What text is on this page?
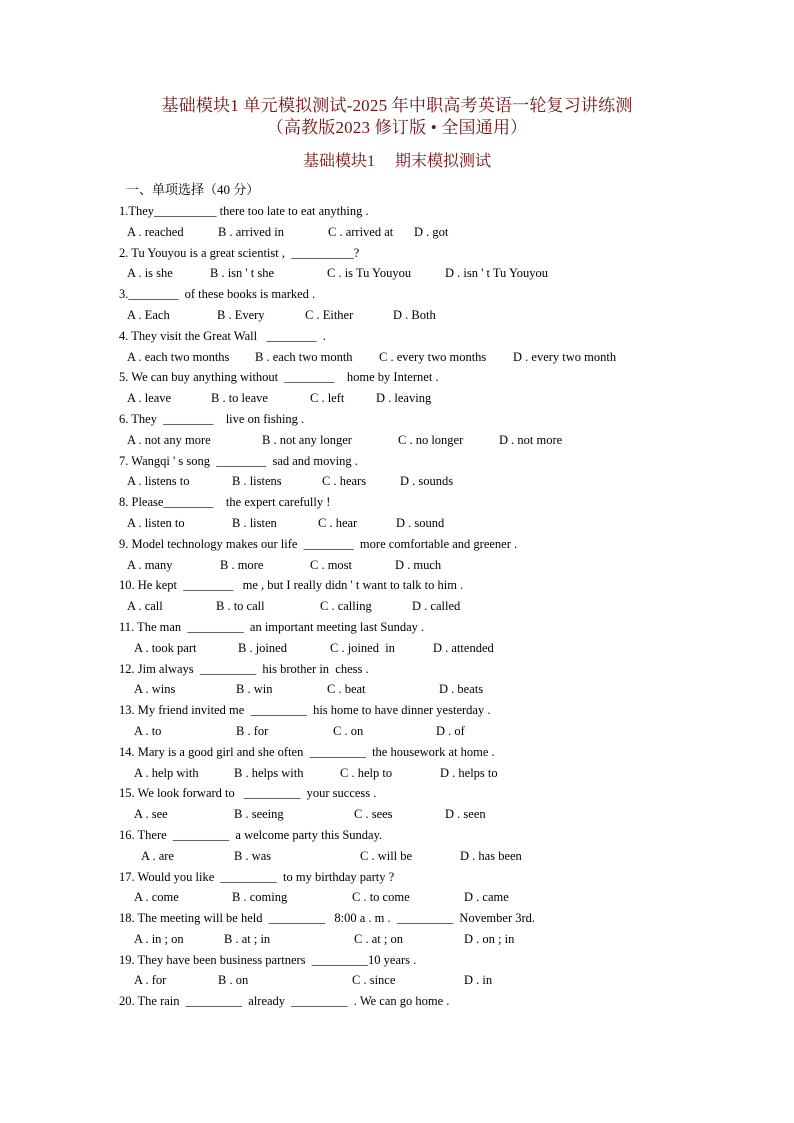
基础模块1 单元模拟测试-2025 年中职高考英语一轮复习讲练测
（高教版2023 修订版 • 全国通用）
基础模块1　 期末模拟测试
一、单项选择（40 分）
1.They__________ there too late to eat anything .
A . reached	B . arrived in	C . arrived at D . got
2. Tu Youyou is a great scientist ,  __________?
A . is she	B . isn ' t she	C . is Tu Youyou	D . isn ' t Tu Youyou
3.________  of these books is marked .
A . Each	B . Every	C . Either	D . Both
4. They visit the Great Wall   ________  .
A . each two months B . each two month C . every two months D . every two month
5. We can buy anything without  ________    home by Internet .
A . leave	B . to leave	C . left	D . leaving
6. They  ________    live on fishing .
A . not any more	B . not any longer	C . no longer	D . not more
7. Wangqi ' s song  ________  sad and moving .
A . listens to	B . listens	C . hears	D . sounds
8. Please________    the expert carefully !
A . listen to	B . listen	C . hear	D . sound
9. Model technology makes our life  ________  more comfortable and greener .
A . many	B . more	C . most	D . much
10. He kept  ________   me , but I really didn ' t want to talk to him .
A . call	B . to call	C . calling	D . called
11. The man  _________  an important meeting last Sunday .
A . took part	B . joined	C . joined  in	D . attended
12. Jim always  _________  his brother in  chess .
A . wins	B . win	C . beat	D . beats
13. My friend invited me  _________  his home to have dinner yesterday .
A . to	B . for	C . on	D . of
14. Mary is a good girl and she often  _________  the housework at home .
A . help with	B . helps with	C . help to	D . helps to
15. We look forward to   _________  your success .
A . see	B . seeing	C . sees	D . seen
16. There  _________  a welcome party this Sunday.
A . are	B . was	C . will be	D . has been
17. Would you like  _________  to my birthday party ?
A . come	B . coming	C . to come	D . came
18. The meeting will be held  _________   8:00 a . m .  _________  November 3rd.
A . in ; on	B . at ; in	C . at ; on	D . on ; in
19. They have been business partners  _________10 years .
A . for	B . on	C . since	D . in
20. The rain  _________  already  _________  . We can go home .
